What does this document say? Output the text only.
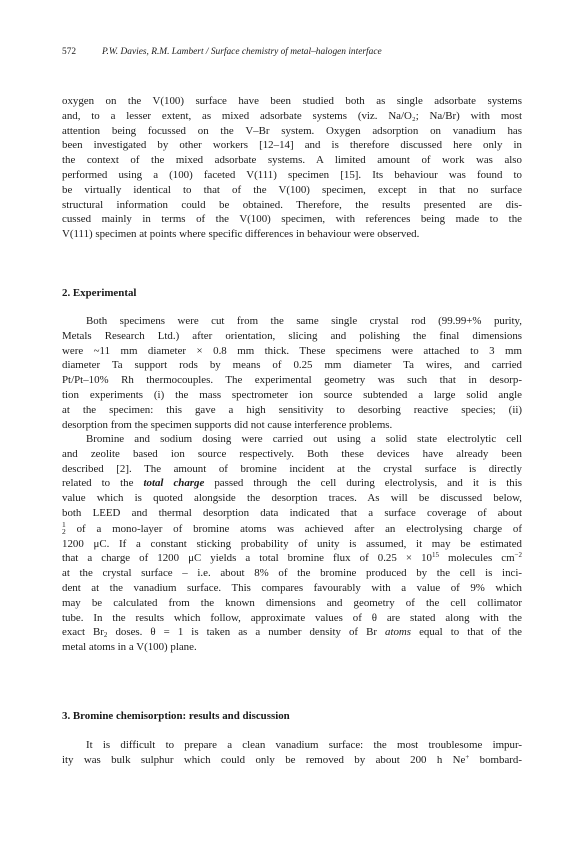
572	P.W. Davies, R.M. Lambert / Surface chemistry of metal–halogen interface

oxygen on the V(100) surface have been studied both as single adsorbate systems

and, to a lesser extent, as mixed adsorbate systems (viz. Na/O₂; Na/Br) with most

attention being focussed on the V–Br system. Oxygen adsorption on vanadium has

been investigated by other workers [12–14] and is therefore discussed here only in

the context of the mixed adsorbate systems. A limited amount of work was also

performed using a (100) faceted V(111) specimen [15]. Its behaviour was found to

be virtually identical to that of the V(100) specimen, except in that no surface

structural information could be obtained. Therefore, the results presented are dis-

cussed mainly in terms of the V(100) specimen, with references being made to the

V(111) specimen at points where specific differences in behaviour were observed.

2. Experimental

Both specimens were cut from the same single crystal rod (99.99+% purity,

Metals Research Ltd.) after orientation, slicing and polishing the final dimensions

were ~11 mm diameter × 0.8 mm thick. These specimens were attached to 3 mm

diameter Ta support rods by means of 0.25 mm diameter Ta wires, and carried

Pt/Pt–10% Rh thermocouples. The experimental geometry was such that in desorp-

tion experiments (i) the mass spectrometer ion source subtended a large solid angle

at the specimen: this gave a high sensitivity to desorbing reactive species; (ii)

desorption from the specimen supports did not cause interference problems.

Bromine and sodium dosing were carried out using a solid state electrolytic cell

and zeolite based ion source respectively. Both these devices have already been

described [2]. The amount of bromine incident at the crystal surface is directly

related to the total charge passed through the cell during electrolysis, and it is this

value which is quoted alongside the desorption traces. As will be discussed below,

both LEED and thermal desorption data indicated that a surface coverage of about

1
2 of a mono-layer of bromine atoms was achieved after an electrolysing charge of

1200 μC. If a constant sticking probability of unity is assumed, it may be estimated

that a charge of 1200 μC yields a total bromine flux of $0.25 \times 10^{15}$ molecules $cm^{-2}$

at the crystal surface – i.e. about 8% of the bromine produced by the cell is inci-

dent at the vanadium surface. This compares favourably with a value of 9% which

may be calculated from the known dimensions and geometry of the cell collimator

tube. In the results which follow, approximate values of θ are stated along with the

exact $Br_2$ doses. θ = 1 is taken as a number density of Br atoms equal to that of the

metal atoms in a V(100) plane.

3. Bromine chemisorption: results and discussion

It is difficult to prepare a clean vanadium surface: the most troublesome impur-

ity was bulk sulphur which could only be removed by about 200 h Ne+ bombard-
